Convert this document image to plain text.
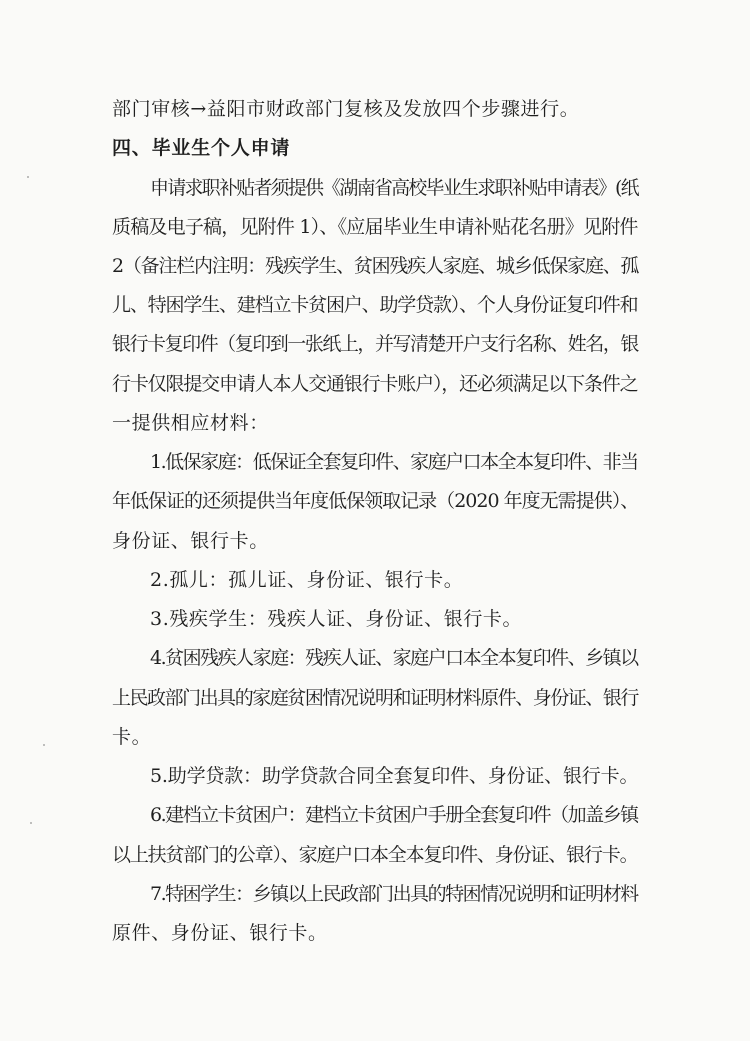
部门审核→益阳市财政部门复核及发放四个步骤进行。
四、毕业生个人申请
申请求职补贴者须提供《湖南省高校毕业生求职补贴申请表》(纸
质稿及电子稿，见附件 1）、《应届毕业生申请补贴花名册》见附件
2（备注栏内注明：残疾学生、贫困残疾人家庭、城乡低保家庭、孤
儿、特困学生、建档立卡贫困户、助学贷款）、个人身份证复印件和
银行卡复印件（复印到一张纸上，并写清楚开户支行名称、姓名，银
行卡仅限提交申请人本人交通银行卡账户），还必须满足以下条件之
一提供相应材料：
1.低保家庭：低保证全套复印件、家庭户口本全本复印件、非当
年低保证的还须提供当年度低保领取记录（2020 年度无需提供）、
身份证、银行卡。
2.孤儿：孤儿证、身份证、银行卡。
3.残疾学生：残疾人证、身份证、银行卡。
4.贫困残疾人家庭：残疾人证、家庭户口本全本复印件、乡镇以
上民政部门出具的家庭贫困情况说明和证明材料原件、身份证、银行
卡。
5.助学贷款：助学贷款合同全套复印件、身份证、银行卡。
6.建档立卡贫困户：建档立卡贫困户手册全套复印件（加盖乡镇
以上扶贫部门的公章）、家庭户口本全本复印件、身份证、银行卡。
7.特困学生：乡镇以上民政部门出具的特困情况说明和证明材料
原件、身份证、银行卡。
